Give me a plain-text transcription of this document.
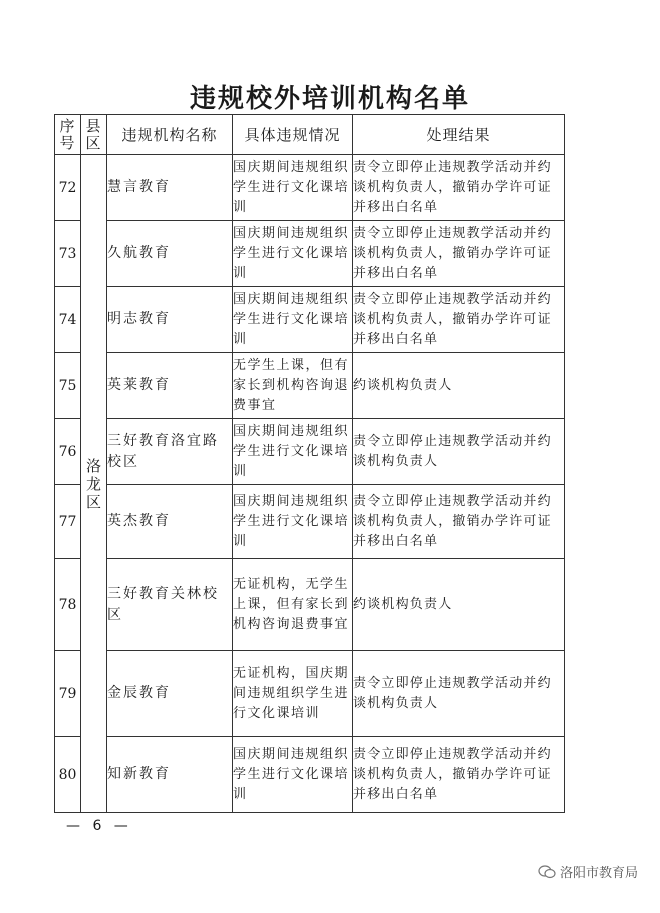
违规校外培训机构名单
序号	县区	违规机构名称	具体违规情况	处理结果
72	洛龙区	慧言教育	国庆期间违规组织学生进行文化课培训	责令立即停止违规教学活动并约谈机构负责人，撤销办学许可证并移出白名单
73		久航教育	国庆期间违规组织学生进行文化课培训	责令立即停止违规教学活动并约谈机构负责人，撤销办学许可证并移出白名单
74		明志教育	国庆期间违规组织学生进行文化课培训	责令立即停止违规教学活动并约谈机构负责人，撤销办学许可证并移出白名单
75		英莱教育	无学生上课，但有家长到机构咨询退费事宜	约谈机构负责人
76		三好教育洛宜路校区	国庆期间违规组织学生进行文化课培训	责令立即停止违规教学活动并约谈机构负责人
77		英杰教育	国庆期间违规组织学生进行文化课培训	责令立即停止违规教学活动并约谈机构负责人，撤销办学许可证并移出白名单
78		三好教育关林校区	无证机构，无学生上课，但有家长到机构咨询退费事宜	约谈机构负责人
79		金辰教育	无证机构，国庆期间违规组织学生进行文化课培训	责令立即停止违规教学活动并约谈机构负责人
80		知新教育	国庆期间违规组织学生进行文化课培训	责令立即停止违规教学活动并约谈机构负责人，撤销办学许可证并移出白名单
— 6 —
洛阳市教育局
